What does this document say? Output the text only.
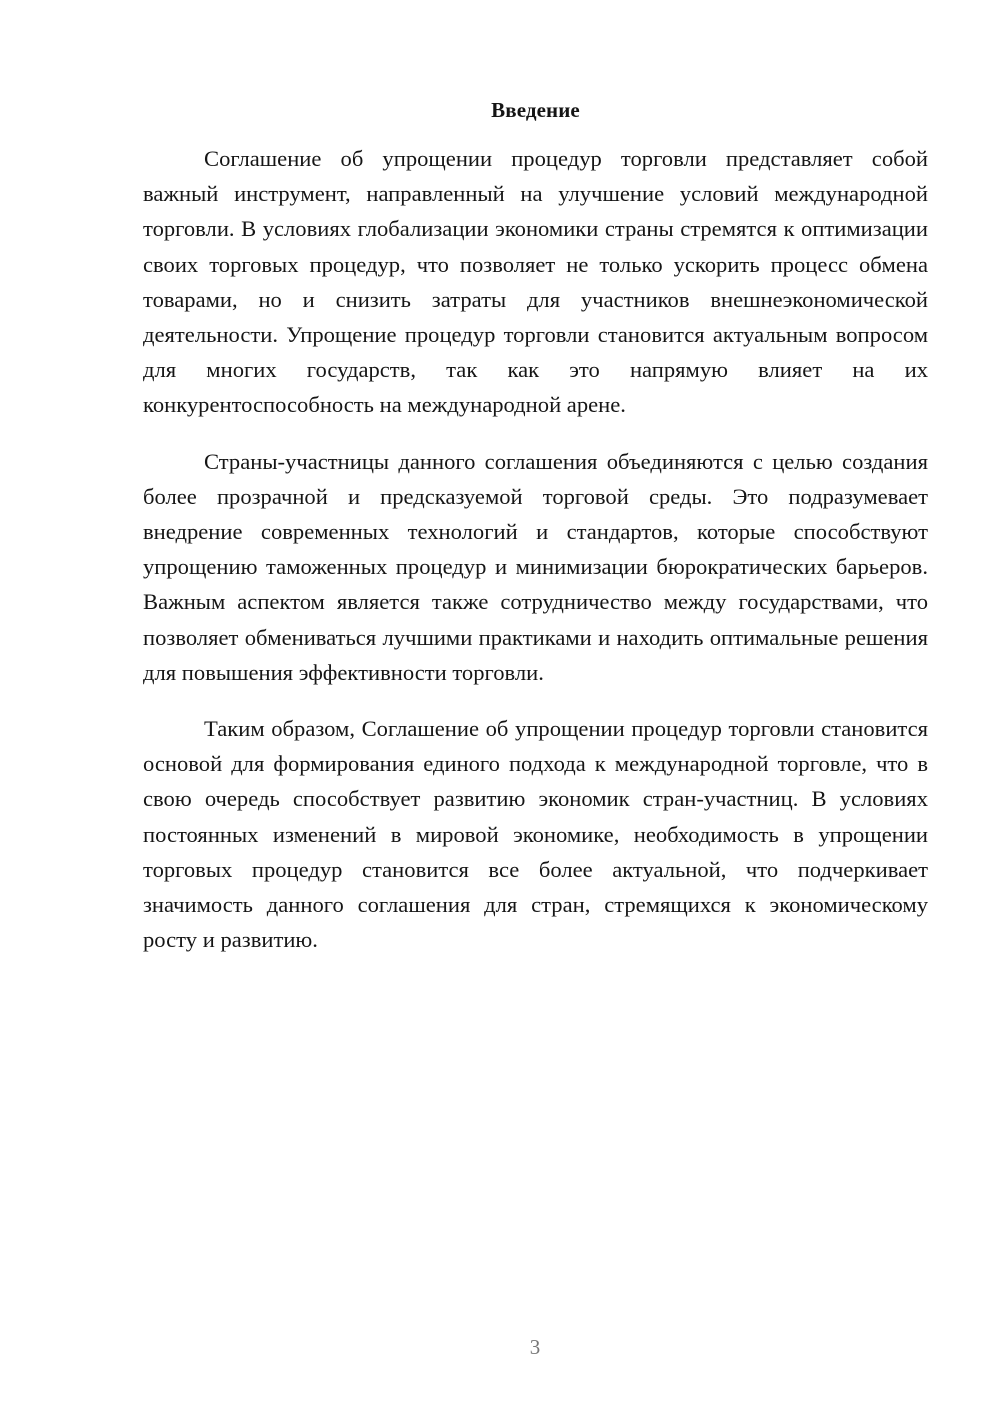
Введение

Соглашение об упрощении процедур торговли представляет собой важный инструмент, направленный на улучшение условий международной торговли. В условиях глобализации экономики страны стремятся к оптимизации своих торговых процедур, что позволяет не только ускорить процесс обмена товарами, но и снизить затраты для участников внешнеэкономической деятельности. Упрощение процедур торговли становится актуальным вопросом для многих государств, так как это напрямую влияет на их конкурентоспособность на международной арене.

Страны-участницы данного соглашения объединяются с целью создания более прозрачной и предсказуемой торговой среды. Это подразумевает внедрение современных технологий и стандартов, которые способствуют упрощению таможенных процедур и минимизации бюрократических барьеров. Важным аспектом является также сотрудничество между государствами, что позволяет обмениваться лучшими практиками и находить оптимальные решения для повышения эффективности торговли.

Таким образом, Соглашение об упрощении процедур торговли становится основой для формирования единого подхода к международной торговле, что в свою очередь способствует развитию экономик стран-участниц. В условиях постоянных изменений в мировой экономике, необходимость в упрощении торговых процедур становится все более актуальной, что подчеркивает значимость данного соглашения для стран, стремящихся к экономическому росту и развитию.

3
